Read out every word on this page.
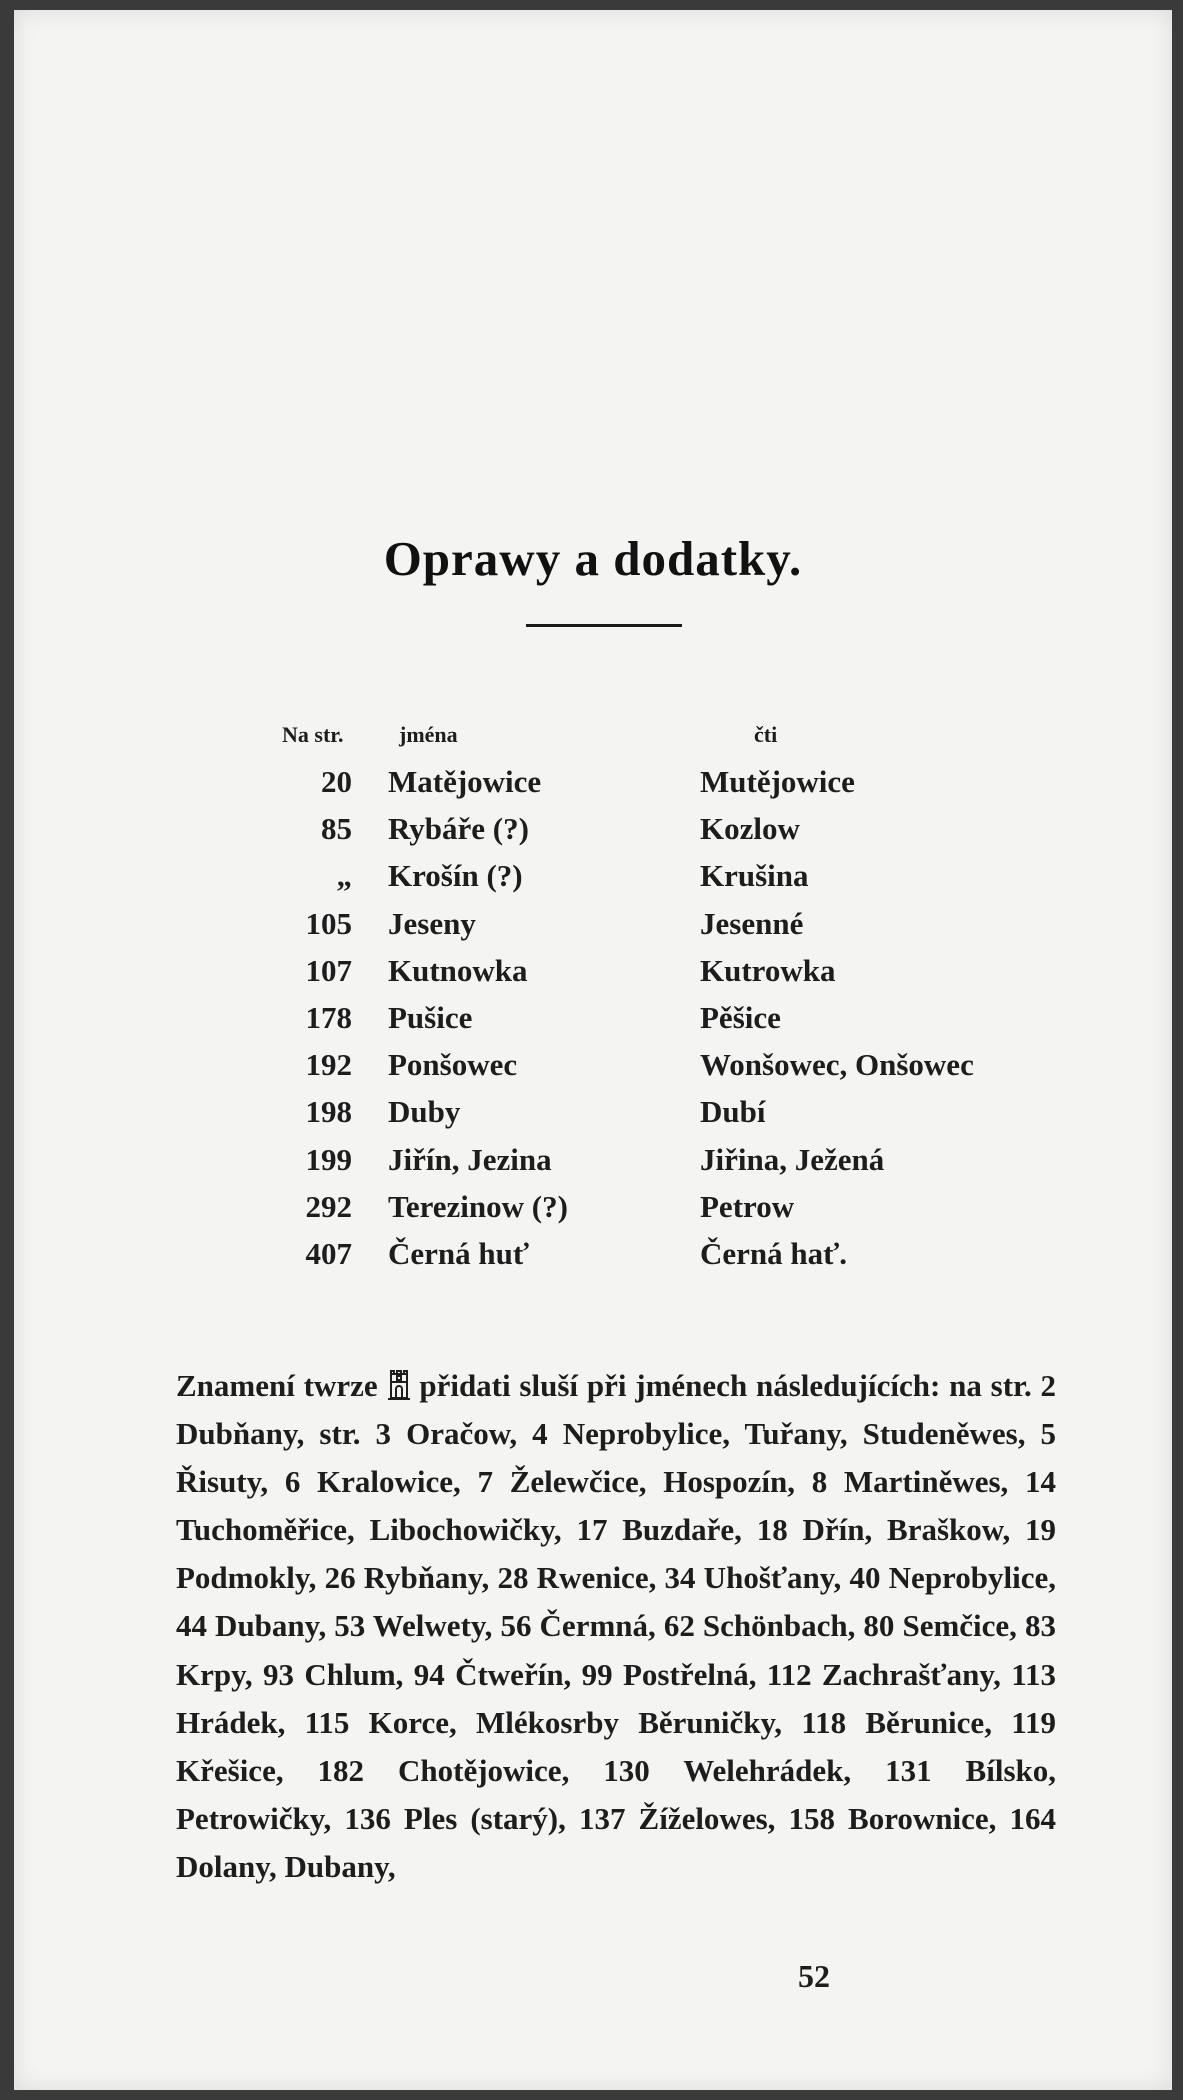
Oprawy a dodatky.
Na str.	jména	čti
20 Matějowice	Mutějowice
85 Rybáře (?)	Kozlow
„ Krošín (?)	Krušina
105 Jeseny	Jesenné
107 Kutnowka	Kutrowka
178 Pušice	Pěšice
192 Ponšowec	Wonšowec, Onšowec
198 Duby	Dubí
199 Jiřín, Jezina	Jiřina, Ježená
292 Terezinow (?)	Petrow
407 Černá huť	Černá hať.
Znamení twrze přidati sluší při jménech následujících: na str. 2 Dubňany, str. 3 Oračow, 4 Neprobylice, Tuřany, Studeněwes, 5 Řisuty, 6 Kralowice, 7 Želewčice, Hospozín, 8 Martiněwes, 14 Tuchoměřice, Libochowičky, 17 Buzdaře, 18 Dřín, Braškow, 19 Podmokly, 26 Rybňany, 28 Rwenice, 34 Uhošťany, 40 Neprobylice, 44 Dubany, 53 Welwety, 56 Čermná, 62 Schönbach, 80 Semčice, 83 Krpy, 93 Chlum, 94 Čtweřín, 99 Postřelná, 112 Zachrašťany, 113 Hrádek, 115 Korce, Mlékosrby Běruničky, 118 Běrunice, 119 Křešice, 182 Chotějowice, 130 Welehrádek, 131 Bílsko, Petrowičky, 136 Ples (starý), 137 Žíželowes, 158 Borownice, 164 Dolany, Dubany,
52
